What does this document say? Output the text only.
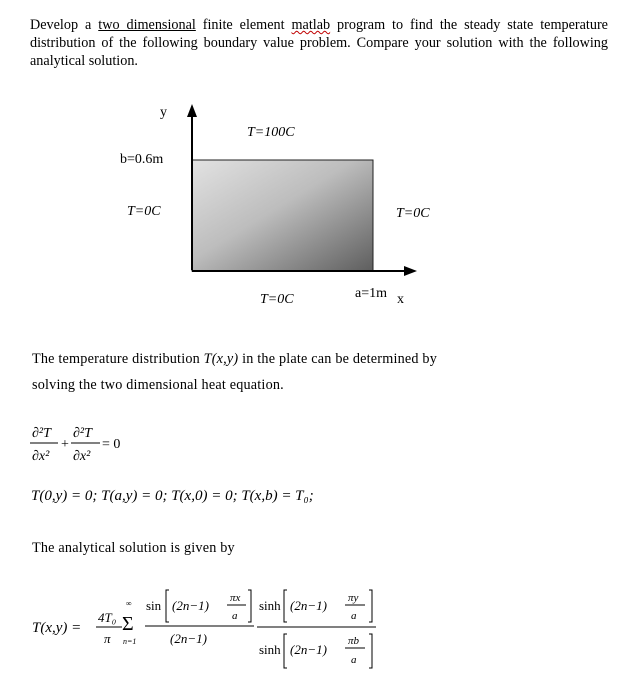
Develop a two dimensional finite element matlab program to find the steady state temperature distribution of the following boundary value problem. Compare your solution with the following analytical solution.
y
T=100C
b=0.6m
T=0C	T=0C
a=1m x
T=0C
The temperature distribution T(x,y) in the plate can be determined by
solving the two dimensional heat equation.
∂²T
∂x²
+
∂²T
∂x²
= 0
T(0,y) = 0; T(a,y) = 0; T(x,0) = 0; T(x,b) = T₀;
The analytical solution is given by
T(x,y) =
4T₀
π
∞
Σ
n=1
sin (2n−1) πx
a
(2n−1)
sinh (2n−1) πy
a
sinh (2n−1)
πb
a
